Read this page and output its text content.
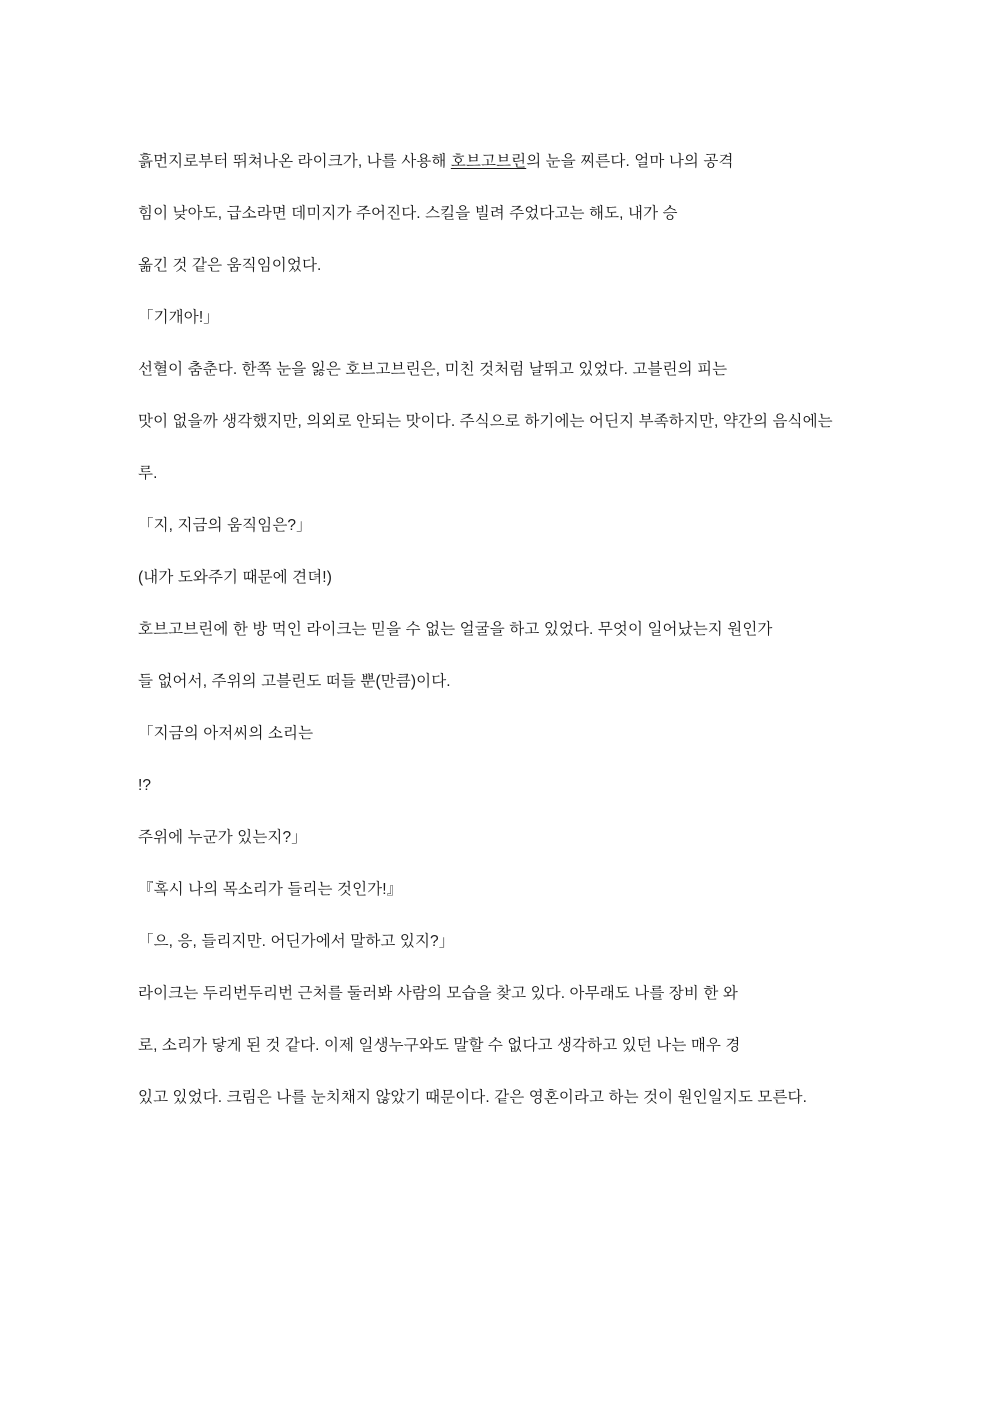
흙먼지로부터 뛰쳐나온 라이크가, 나를 사용해 호브고브린의 눈을 찌른다. 얼마 나의 공격

힘이 낮아도, 급소라면 데미지가 주어진다. 스킬을 빌려 주었다고는 해도, 내가 승

옮긴 것 같은 움직임이었다.

「기개아!」

선혈이 춤춘다. 한쪽 눈을 잃은 호브고브린은, 미친 것처럼 날뛰고 있었다. 고블린의 피는

맛이 없을까 생각했지만, 의외로 안되는 맛이다. 주식으로 하기에는 어딘지 부족하지만, 약간의 음식에는

루.

「지, 지금의 움직임은?」

(내가 도와주기 때문에 견뎌!)

호브고브린에 한 방 먹인 라이크는 믿을 수 없는 얼굴을 하고 있었다. 무엇이 일어났는지 원인가

들 없어서, 주위의 고블린도 떠들 뿐(만큼)이다.

「지금의 아저씨의 소리는

!?

주위에 누군가 있는지?」

『혹시 나의 목소리가 들리는 것인가!』

「으, 응, 들리지만. 어딘가에서 말하고 있지?」

라이크는 두리번두리번 근처를 둘러봐 사람의 모습을 찾고 있다. 아무래도 나를 장비 한 와

로, 소리가 닿게 된 것 같다. 이제 일생누구와도 말할 수 없다고 생각하고 있던 나는 매우 경

있고 있었다. 크림은 나를 눈치채지 않았기 때문이다. 같은 영혼이라고 하는 것이 원인일지도 모른다.
